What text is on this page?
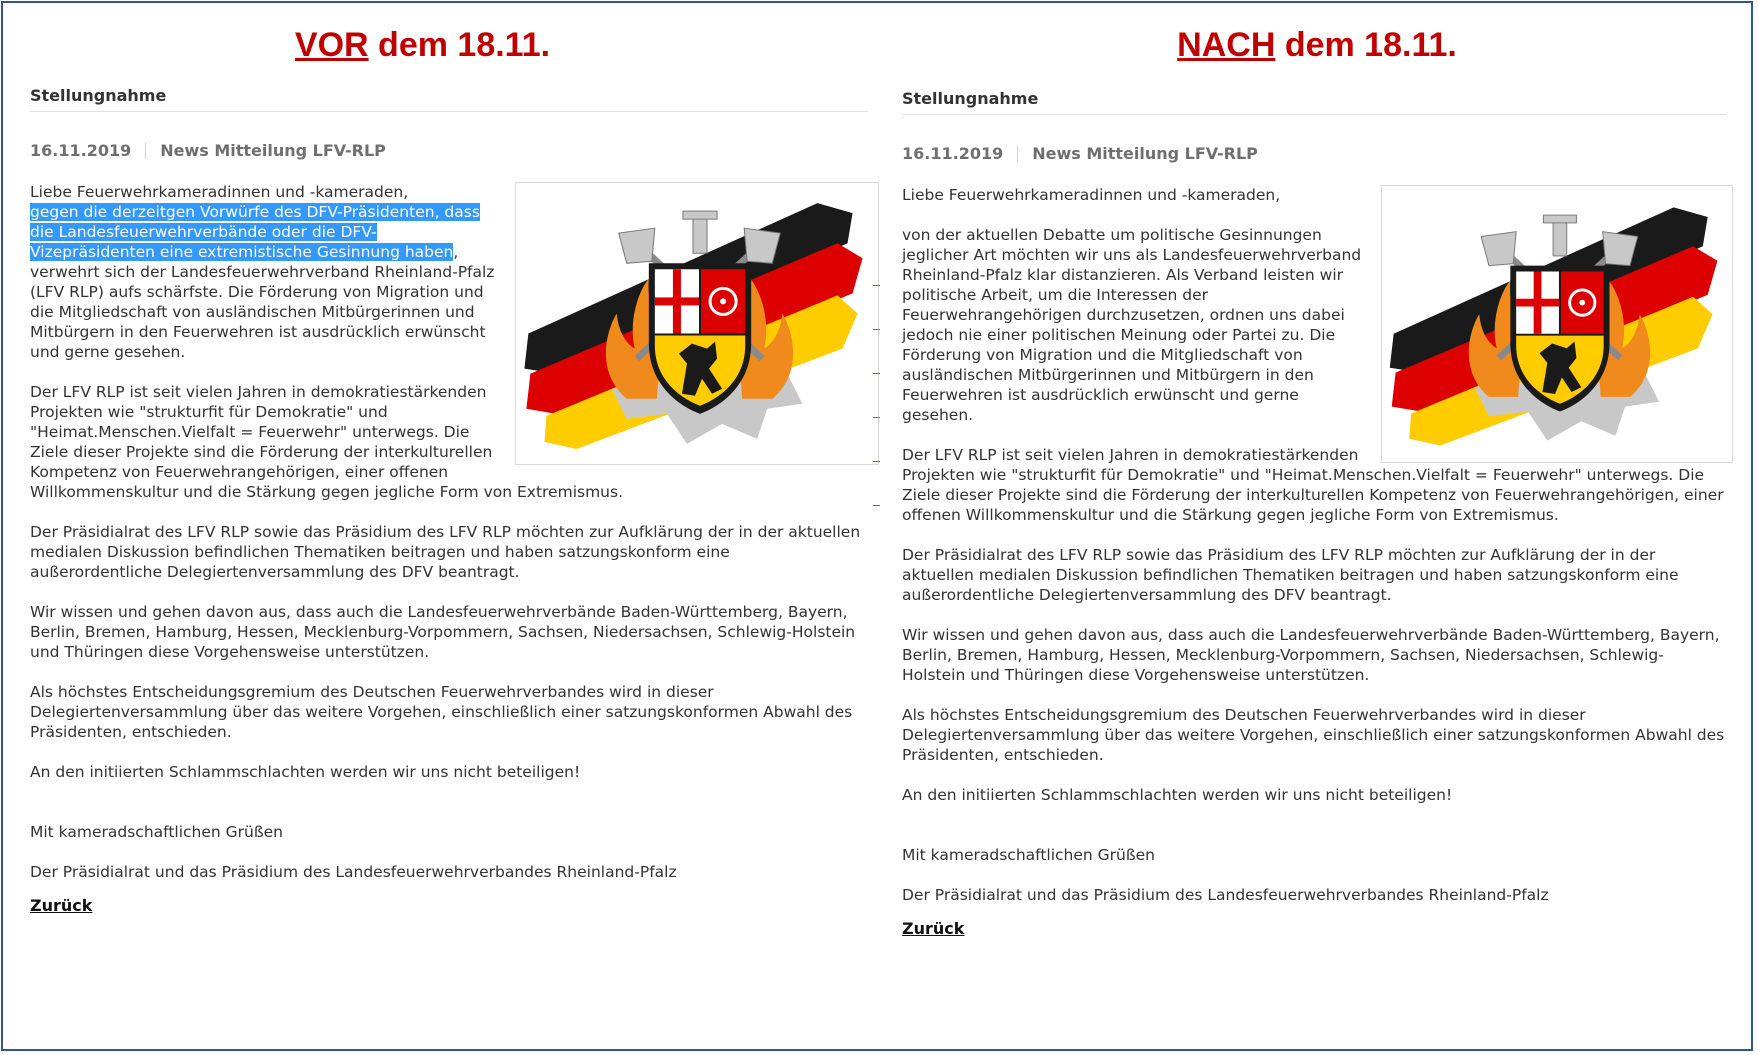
VOR dem 18.11.
Stellungnahme
16.11.2019 News Mitteilung LFV-RLP

Liebe Feuerwehrkameradinnen und -kameraden,
gegen die derzeitgen Vorwürfe des DFV-Präsidenten, dass die Landesfeuerwehrverbände oder die DFV-Vizepräsidenten eine extremistische Gesinnung haben, verwehrt sich der Landesfeuerwehrverband Rheinland-Pfalz (LFV RLP) aufs schärfste. Die Förderung von Migration und die Mitgliedschaft von ausländischen Mitbürgerinnen und Mitbürgern in den Feuerwehren ist ausdrücklich erwünscht und gerne gesehen.

Der LFV RLP ist seit vielen Jahren in demokratiestärkenden Projekten wie "strukturfit für Demokratie" und "Heimat.Menschen.Vielfalt = Feuerwehr" unterwegs. Die Ziele dieser Projekte sind die Förderung der interkulturellen Kompetenz von Feuerwehrangehörigen, einer offenen Willkommenskultur und die Stärkung gegen jegliche Form von Extremismus.

Der Präsidialrat des LFV RLP sowie das Präsidium des LFV RLP möchten zur Aufklärung der in der aktuellen medialen Diskussion befindlichen Thematiken beitragen und haben satzungskonform eine außerordentliche Delegiertenversammlung des DFV beantragt.

Wir wissen und gehen davon aus, dass auch die Landesfeuerwehrverbände Baden-Württemberg, Bayern, Berlin, Bremen, Hamburg, Hessen, Mecklenburg-Vorpommern, Sachsen, Niedersachsen, Schlewig-Holstein und Thüringen diese Vorgehensweise unterstützen.

Als höchstes Entscheidungsgremium des Deutschen Feuerwehrverbandes wird in dieser Delegiertenversammlung über das weitere Vorgehen, einschließlich einer satzungskonformen Abwahl des Präsidenten, entschieden.

An den initiierten Schlammschlachten werden wir uns nicht beteiligen!

Mit kameradschaftlichen Grüßen

Der Präsidialrat und das Präsidium des Landesfeuerwehrverbandes Rheinland-Pfalz

Zurück
NACH dem 18.11.
Stellungnahme
16.11.2019 News Mitteilung LFV-RLP

Liebe Feuerwehrkameradinnen und -kameraden,

von der aktuellen Debatte um politische Gesinnungen jeglicher Art möchten wir uns als Landesfeuerwehrverband Rheinland-Pfalz klar distanzieren. Als Verband leisten wir politische Arbeit, um die Interessen der Feuerwehrangehörigen durchzusetzen, ordnen uns dabei jedoch nie einer politischen Meinung oder Partei zu. Die Förderung von Migration und die Mitgliedschaft von ausländischen Mitbürgerinnen und Mitbürgern in den Feuerwehren ist ausdrücklich erwünscht und gerne gesehen.

Der LFV RLP ist seit vielen Jahren in demokratiestärkenden Projekten wie "strukturfit für Demokratie" und "Heimat.Menschen.Vielfalt = Feuerwehr" unterwegs. Die Ziele dieser Projekte sind die Förderung der interkulturellen Kompetenz von Feuerwehrangehörigen, einer offenen Willkommenskultur und die Stärkung gegen jegliche Form von Extremismus.

Der Präsidialrat des LFV RLP sowie das Präsidium des LFV RLP möchten zur Aufklärung der in der aktuellen medialen Diskussion befindlichen Thematiken beitragen und haben satzungskonform eine außerordentliche Delegiertenversammlung des DFV beantragt.

Wir wissen und gehen davon aus, dass auch die Landesfeuerwehrverbände Baden-Württemberg, Bayern, Berlin, Bremen, Hamburg, Hessen, Mecklenburg-Vorpommern, Sachsen, Niedersachsen, Schlewig-Holstein und Thüringen diese Vorgehensweise unterstützen.

Als höchstes Entscheidungsgremium des Deutschen Feuerwehrverbandes wird in dieser Delegiertenversammlung über das weitere Vorgehen, einschließlich einer satzungskonformen Abwahl des Präsidenten, entschieden.

An den initiierten Schlammschlachten werden wir uns nicht beteiligen!

Mit kameradschaftlichen Grüßen

Der Präsidialrat und das Präsidium des Landesfeuerwehrverbandes Rheinland-Pfalz

Zurück
